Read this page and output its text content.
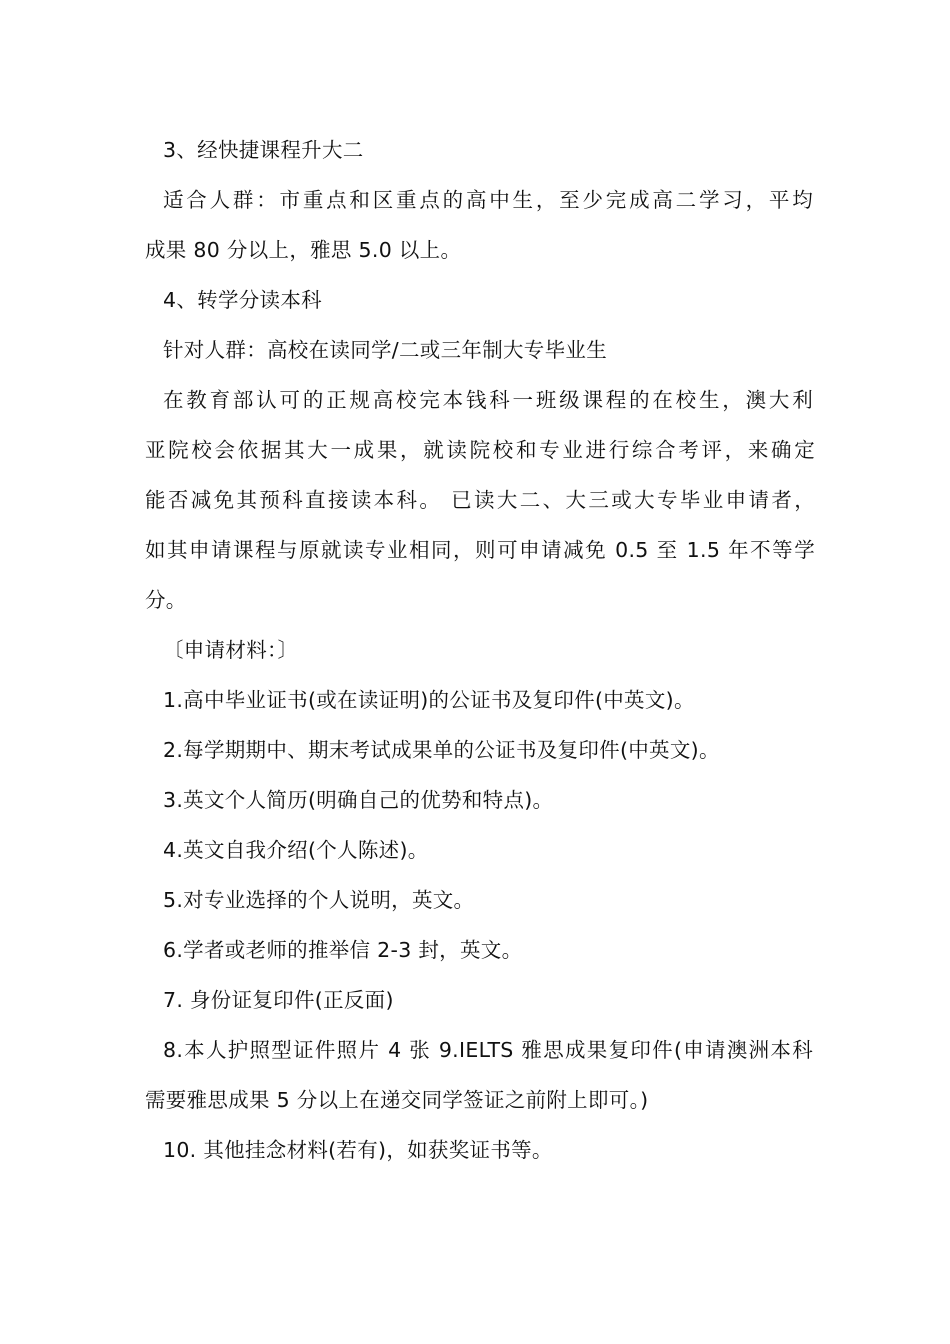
3、经快捷课程升大二
适合人群：市重点和区重点的高中生，至少完成高二学习，平均
成果 80 分以上，雅思 5.0 以上。
4、转学分读本科
针对人群：高校在读同学/二或三年制大专毕业生
在教育部认可的正规高校完本钱科一班级课程的在校生，澳大利
亚院校会依据其大一成果，就读院校和专业进行综合考评，来确定
能否减免其预科直接读本科。 已读大二、大三或大专毕业申请者，
如其申请课程与原就读专业相同，则可申请减免 0.5 至 1.5 年不等学
分。
〔申请材料：〕
1.高中毕业证书(或在读证明)的公证书及复印件(中英文)。
2.每学期期中、期末考试成果单的公证书及复印件(中英文)。
3.英文个人简历(明确自己的优势和特点)。
4.英文自我介绍(个人陈述)。
5.对专业选择的个人说明，英文。
6.学者或老师的推举信 2-3 封，英文。
7. 身份证复印件(正反面)
8.本人护照型证件照片 4 张 9.IELTS 雅思成果复印件(申请澳洲本科
需要雅思成果 5 分以上在递交同学签证之前附上即可。)
10. 其他挂念材料(若有)，如获奖证书等。
